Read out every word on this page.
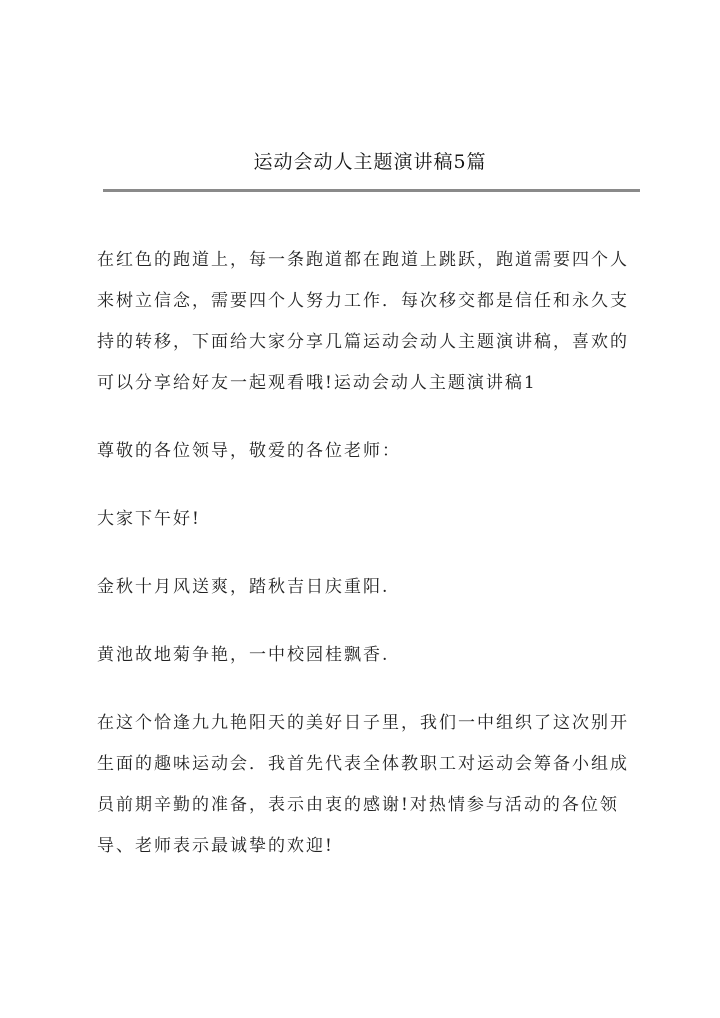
运动会动人主题演讲稿5篇
在红色的跑道上，每一条跑道都在跑道上跳跃，跑道需要四个人
来树立信念，需要四个人努力工作．每次移交都是信任和永久支
持的转移，下面给大家分享几篇运动会动人主题演讲稿，喜欢的
可以分享给好友一起观看哦!运动会动人主题演讲稿1
尊敬的各位领导，敬爱的各位老师：
大家下午好!
金秋十月风送爽，踏秋吉日庆重阳.
黄池故地菊争艳，一中校园桂飘香.
在这个恰逢九九艳阳天的美好日子里，我们一中组织了这次别开
生面的趣味运动会．我首先代表全体教职工对运动会筹备小组成
员前期辛勤的准备，表示由衷的感谢!对热情参与活动的各位领
导、老师表示最诚挚的欢迎!
